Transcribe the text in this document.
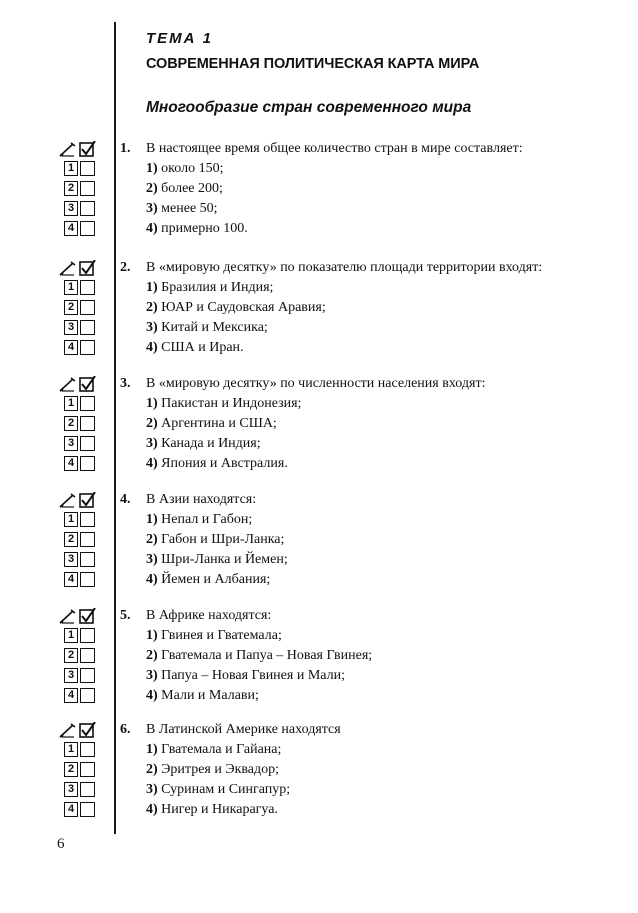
ТЕМА 1
СОВРЕМЕННАЯ ПОЛИТИЧЕСКАЯ КАРТА МИРА
Многообразие стран современного мира
1
2
3
4
1. В настоящее время общее количество стран в мире составляет:
1) около 150;
2) более 200;
3) менее 50;
4) примерно 100.
1
2
3
4
2. В «мировую десятку» по показателю площади территории входят:
1) Бразилия и Индия;
2) ЮАР и Саудовская Аравия;
3) Китай и Мексика;
4) США и Иран.
1
2
3
4
3. В «мировую десятку» по численности населения входят:
1) Пакистан и Индонезия;
2) Аргентина и США;
3) Канада и Индия;
4) Япония и Австралия.
1
2
3
4
4. В Азии находятся:
1) Непал и Габон;
2) Габон и Шри-Ланка;
3) Шри-Ланка и Йемен;
4) Йемен и Албания;
1
2
3
4
5. В Африке находятся:
1) Гвинея и Гватемала;
2) Гватемала и Папуа – Новая Гвинея;
3) Папуа – Новая Гвинея и Мали;
4) Мали и Малави;
1
2
3
4
6. В Латинской Америке находятся
1) Гватемала и Гайана;
2) Эритрея и Эквадор;
3) Суринам и Сингапур;
4) Нигер и Никарагуа.
6
